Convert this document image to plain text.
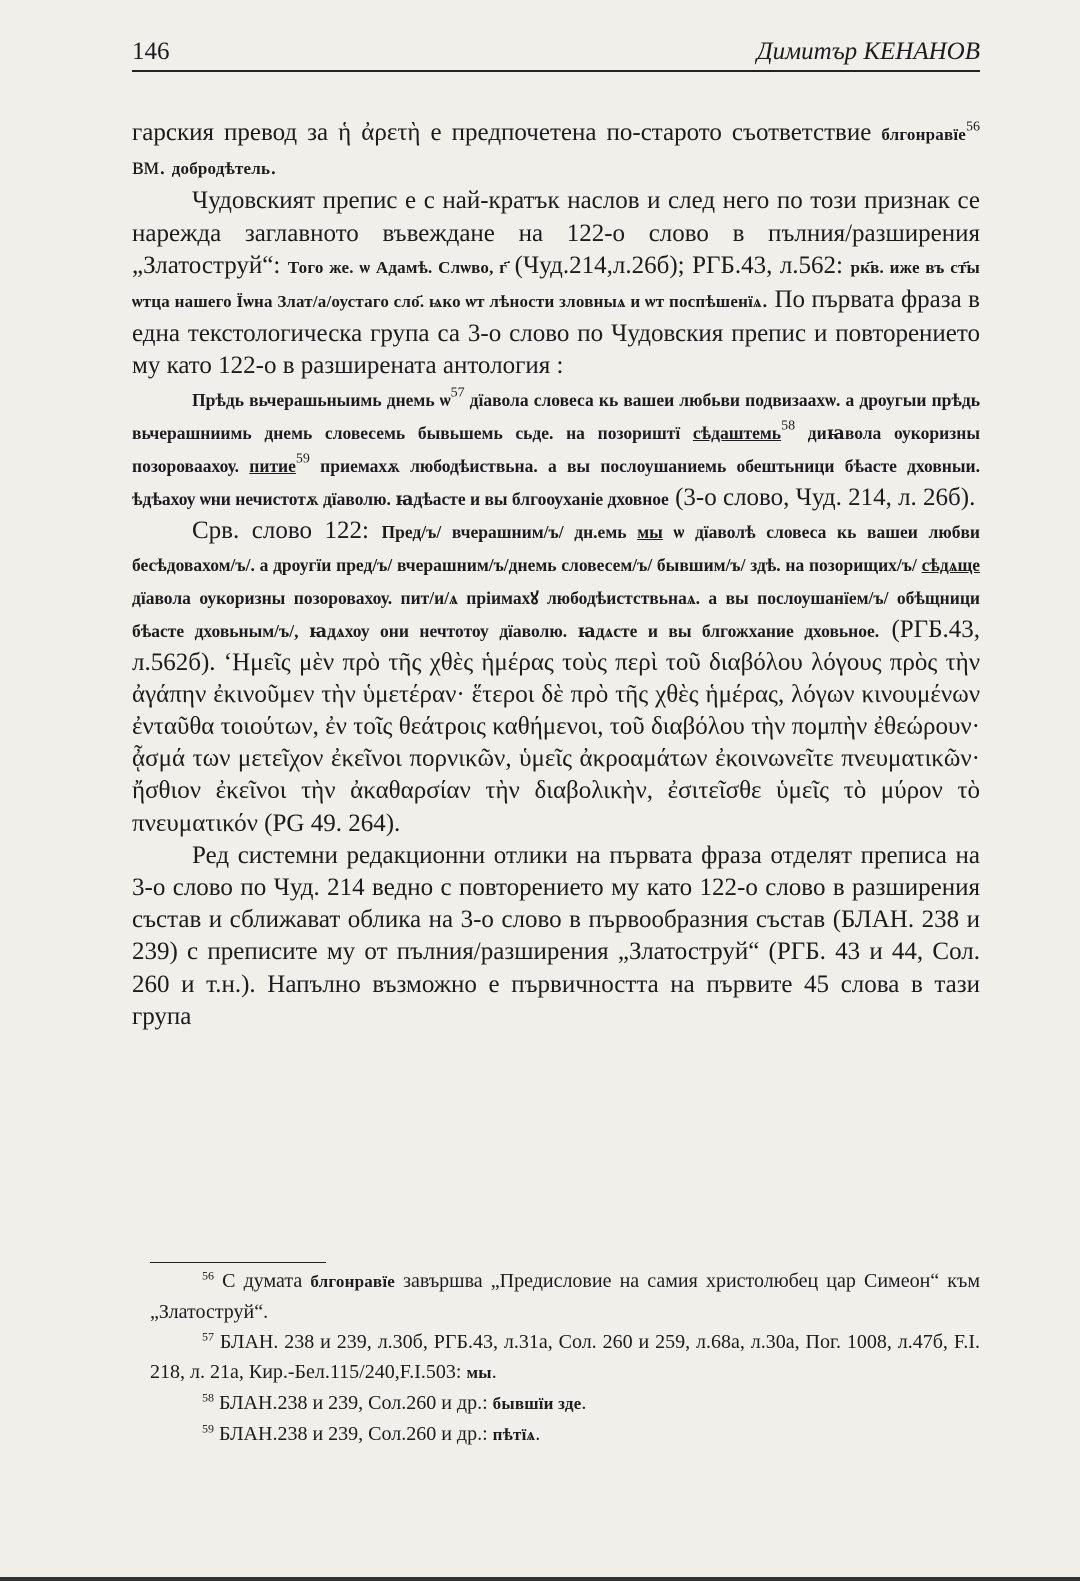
146	Димитър КЕНАНОВ

гарския превод за ἡ ἀρετὴ е предпочетена по-старото съответствие блгонравїе$^{56}$ вм. добродѣтель.

Чудовският препис е с най-кратък наслов и след него по този признак се нарежда заглавното въвеждане на 122-о слово в пълния/разширения „Златоструй“: Того же. ѡ Адамѣ. Слѡво, г҃ (Чуд.214,л.26б); РГБ.43, л.562: рк҃в. иже въ ст҃ы ѡтца нашего Їѡна Злат/а/оустаго сло҃. ѩко ѡт лѣности зловныѧ и ѡт поспѣшенїѧ. По първата фраза в една текстологическа група са 3-о слово по Чудовския препис и повторението му като 122-о в разширената антология :

Прѣдь вьчерашьныимь днемь $ѡ^{57}$ дїавола словеса кь вашеи любьви подвизаахѡ. а дроугыи прѣдь вьчерашниимь днемь словесемь бывьшемь сьде. на позориштї сѣдаштемь$^{58}$ диꙗвола оукоризны позороваахоу. питие$^{59}$ приемахѫ любодѣиствьна. а вы послоушаниемь обештьници бѣасте дховныи. ѣдѣахоу ѡни нечистотѫ дїаволю. ꙗдѣасте и вы блгооуханiе дховное (3-о слово, Чуд. 214, л. 26б).

Срв. слово 122: Пред/ъ/ вчерашним/ъ/ дн.емь мы ѡ дїаволѣ словеса кь вашеи любви бесѣдовахом/ъ/. а дроугїи пред/ъ/ вчерашним/ъ/днемь словесем/ъ/ бывшим/ъ/ здѣ. на позорищих/ъ/ сѣдѧще дїавола оукоризны позоровахоу. пит/и/ѧ прiимахꙋ любодѣистствьнаѧ. а вы послоушанїем/ъ/ обѣщници бѣасте дховьным/ъ/, ꙗдѧхоу они нечтотоу дїаволю. ꙗдѧсте и вы блгожхание дховьное. (РГБ.43, л.562б). ‘Ημεῖς μὲν πρὸ τῆς χθὲς ἡμέρας τοὺς περὶ τοῦ διαβόλου λόγους πρὸς τὴν ἀγάπην ἐκινοῦμεν τὴν ὑμετέραν· ἕτεροι δὲ πρὸ τῆς χθὲς ἡμέρας, λόγων κινουμένων ἐνταῦθα τοιούτων, ἐν τοῖς θεάτροις καθήμενοι, τοῦ διαβόλου τὴν πομπὴν ἐθεώρουν· ᾆσμά των μετεῖχον ἐκεῖνοι πορνικῶν, ὑμεῖς ἀκροαμάτων ἐκοινωνεῖτε πνευματικῶν· ἤσθιον ἐκεῖνοι τὴν ἀκαθαρσίαν τὴν διαβολικὴν, ἐσιτεῖσθε ὑμεῖς τὸ μύρον τὸ πνευματικόν (PG 49. 264).

Ред системни редакционни отлики на първата фраза отделят преписа на 3-о слово по Чуд. 214 ведно с повторението му като 122-о слово в разширения състав и сближават облика на 3-о слово в първообразния състав (БЛАН. 238 и 239) с преписите му от пълния/разширения „Златоструй“ (РГБ. 43 и 44, Сол. 260 и т.н.). Напълно възможно е първичността на първите 45 слова в тази група

$^{56}$ С думата блгонравїе завършва „Предисловие на самия христолюбец цар Симеон“ към „Златоструй“.

$^{57}$ БЛАН. 238 и 239, л.30б, РГБ.43, л.31а, Сол. 260 и 259, л.68а, л.30а, Пог. 1008, л.47б, F.I. 218, л. 21а, Кир.-Бел.115/240,F.I.503: мы.

$^{58}$ БЛАН.238 и 239, Сол.260 и др.: бывшїи зде.

$^{59}$ БЛАН.238 и 239, Сол.260 и др.: пѣтїѧ.
